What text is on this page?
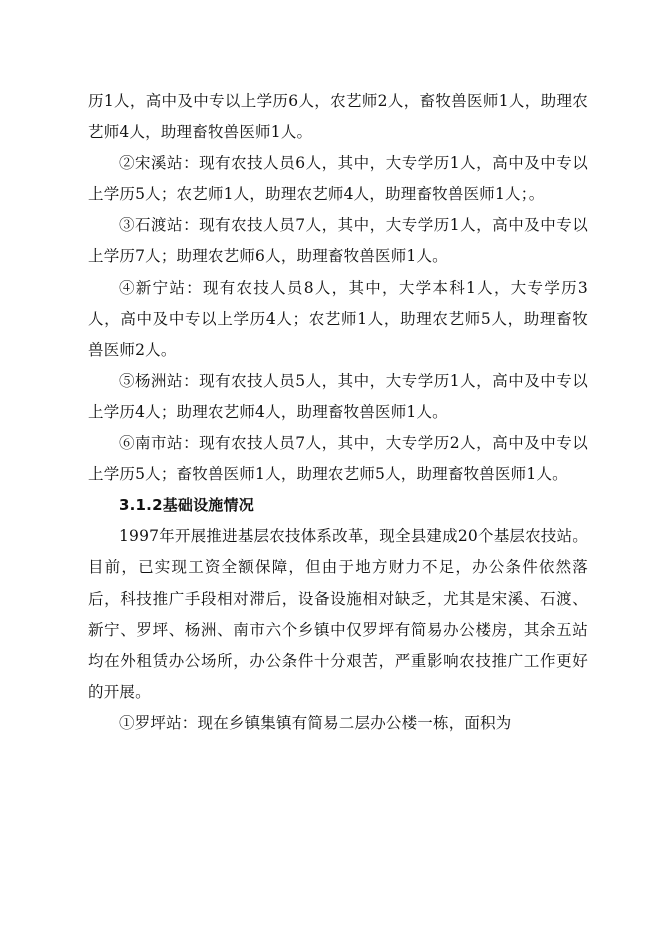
历1人，高中及中专以上学历6人，农艺师2人，畜牧兽医师1人，助理农艺师4人，助理畜牧兽医师1人。

②宋溪站：现有农技人员6人，其中，大专学历1人，高中及中专以上学历5人；农艺师1人，助理农艺师4人，助理畜牧兽医师1人；。

③石渡站：现有农技人员7人，其中，大专学历1人，高中及中专以上学历7人；助理农艺师6人，助理畜牧兽医师1人。

④新宁站：现有农技人员8人，其中，大学本科1人，大专学历3人，高中及中专以上学历4人；农艺师1人，助理农艺师5人，助理畜牧兽医师2人。

⑤杨洲站：现有农技人员5人，其中，大专学历1人，高中及中专以上学历4人；助理农艺师4人，助理畜牧兽医师1人。

⑥南市站：现有农技人员7人，其中，大专学历2人，高中及中专以上学历5人；畜牧兽医师1人，助理农艺师5人，助理畜牧兽医师1人。

3.1.2基础设施情况

1997年开展推进基层农技体系改革，现全县建成20个基层农技站。目前，已实现工资全额保障，但由于地方财力不足，办公条件依然落后，科技推广手段相对滞后，设备设施相对缺乏，尤其是宋溪、石渡、新宁、罗坪、杨洲、南市六个乡镇中仅罗坪有简易办公楼房，其余五站均在外租赁办公场所，办公条件十分艰苦，严重影响农技推广工作更好的开展。

①罗坪站：现在乡镇集镇有简易二层办公楼一栋，面积为
